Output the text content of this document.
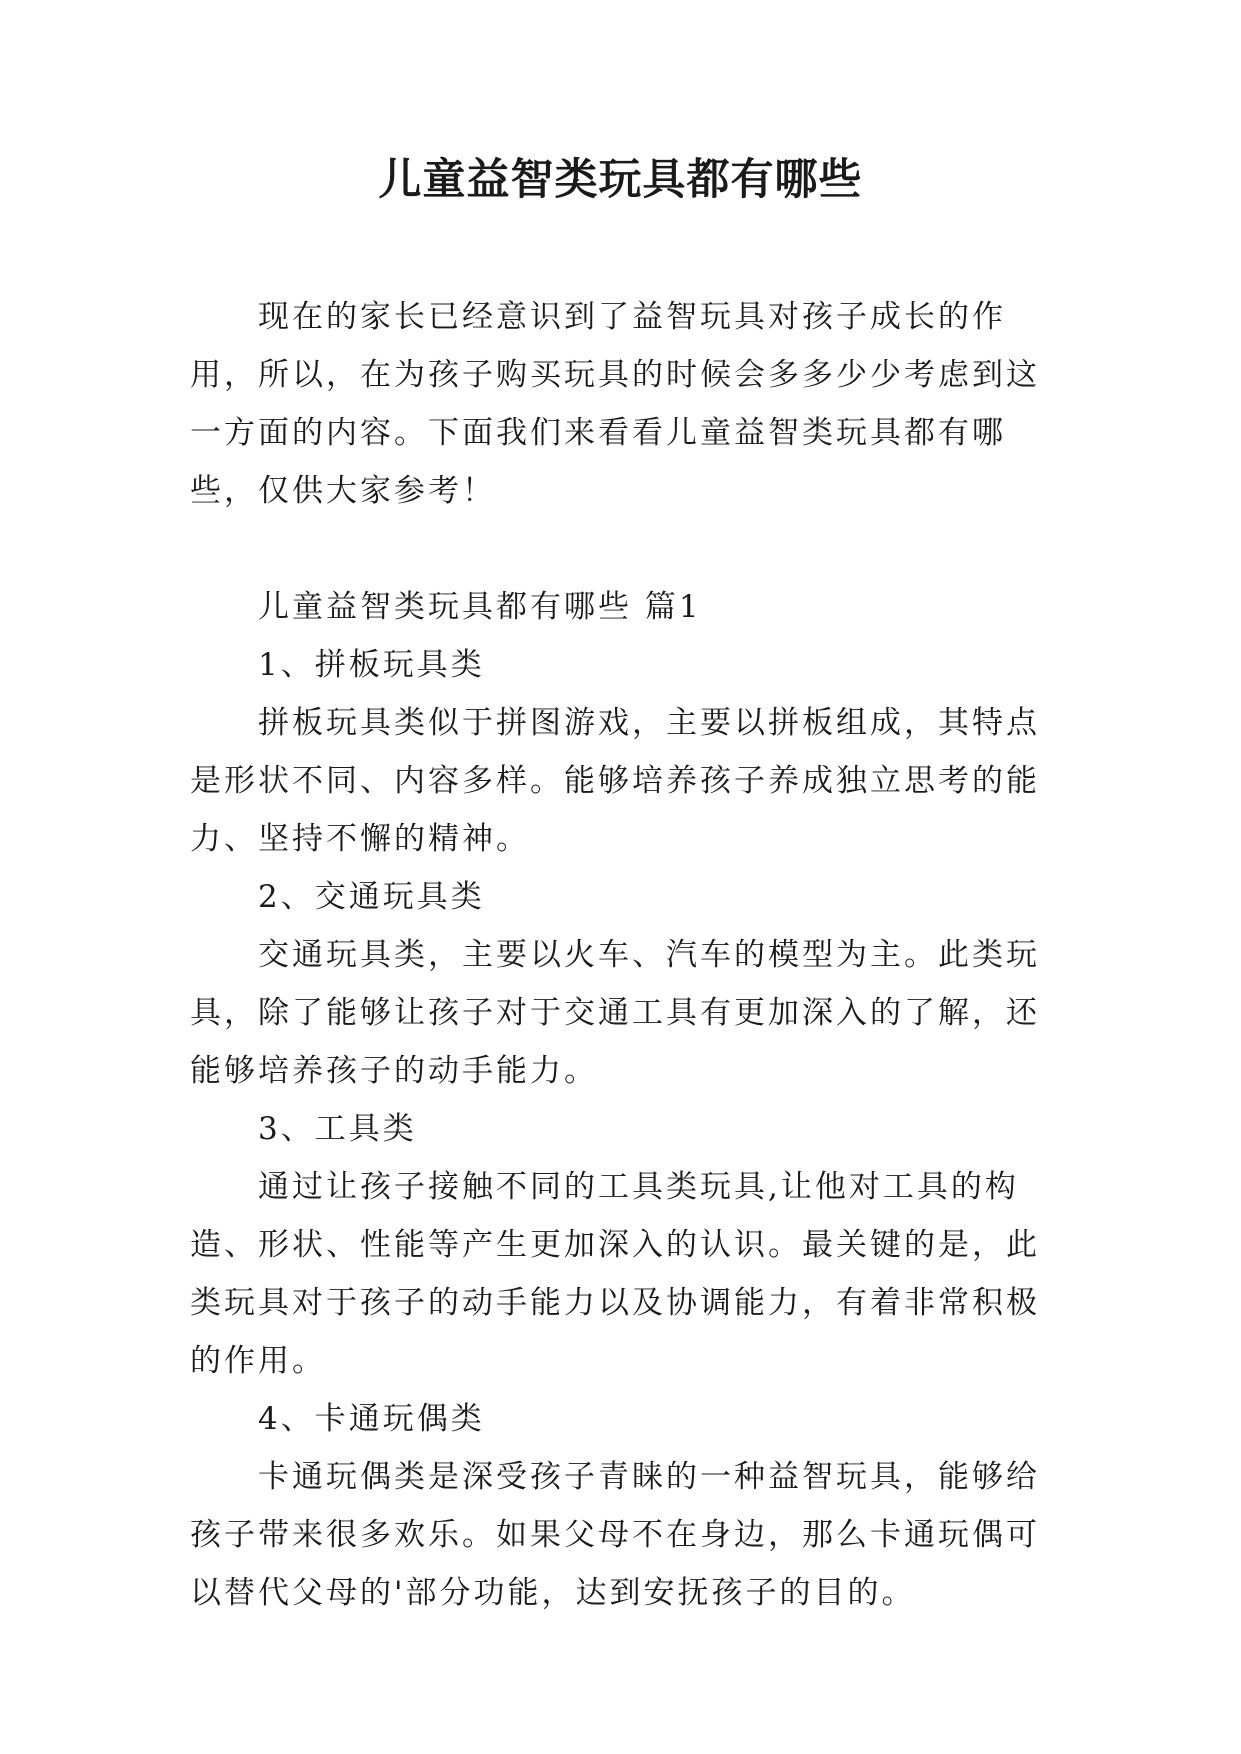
儿童益智类玩具都有哪些

现在的家长已经意识到了益智玩具对孩子成长的作用，所以，在为孩子购买玩具的时候会多多少少考虑到这一方面的内容。下面我们来看看儿童益智类玩具都有哪些，仅供大家参考！

儿童益智类玩具都有哪些 篇1

1、拼板玩具类

拼板玩具类似于拼图游戏，主要以拼板组成，其特点是形状不同、内容多样。能够培养孩子养成独立思考的能力、坚持不懈的精神。

2、交通玩具类

交通玩具类，主要以火车、汽车的模型为主。此类玩具，除了能够让孩子对于交通工具有更加深入的了解，还能够培养孩子的动手能力。

3、工具类

通过让孩子接触不同的工具类玩具,让他对工具的构造、形状、性能等产生更加深入的认识。最关键的是，此类玩具对于孩子的动手能力以及协调能力，有着非常积极的作用。

4、卡通玩偶类

卡通玩偶类是深受孩子青睐的一种益智玩具，能够给孩子带来很多欢乐。如果父母不在身边，那么卡通玩偶可以替代父母的'部分功能，达到安抚孩子的目的。
